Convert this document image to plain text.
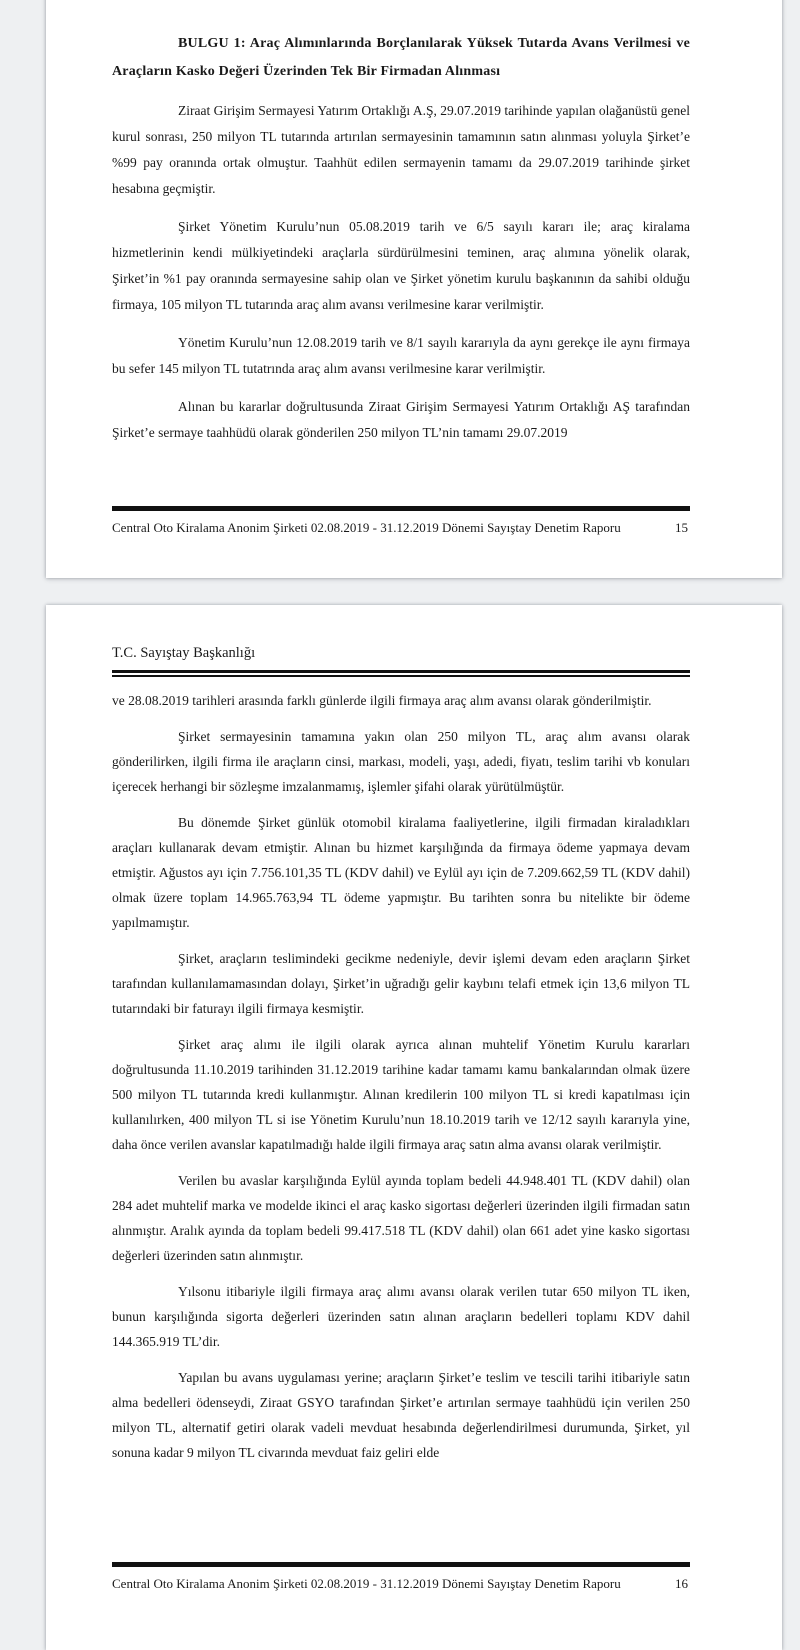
BULGU 1: Araç Alımınlarında Borçlanılarak Yüksek Tutarda Avans Verilmesi ve Araçların Kasko Değeri Üzerinden Tek Bir Firmadan Alınması

Ziraat Girişim Sermayesi Yatırım Ortaklığı A.Ş, 29.07.2019 tarihinde yapılan olağanüstü genel kurul sonrası, 250 milyon TL tutarında artırılan sermayesinin tamamının satın alınması yoluyla Şirket’e %99 pay oranında ortak olmuştur. Taahhüt edilen sermayenin tamamı da 29.07.2019 tarihinde şirket hesabına geçmiştir.

Şirket Yönetim Kurulu’nun 05.08.2019 tarih ve 6/5 sayılı kararı ile; araç kiralama hizmetlerinin kendi mülkiyetindeki araçlarla sürdürülmesini teminen, araç alımına yönelik olarak, Şirket’in %1 pay oranında sermayesine sahip olan ve Şirket yönetim kurulu başkanının da sahibi olduğu firmaya, 105 milyon TL tutarında araç alım avansı verilmesine karar verilmiştir.

Yönetim Kurulu’nun 12.08.2019 tarih ve 8/1 sayılı kararıyla da aynı gerekçe ile aynı firmaya bu sefer 145 milyon TL tutatrında araç alım avansı verilmesine karar verilmiştir.

Alınan bu kararlar doğrultusunda Ziraat Girişim Sermayesi Yatırım Ortaklığı AŞ tarafından Şirket’e sermaye taahhüdü olarak gönderilen 250 milyon TL’nin tamamı 29.07.2019

Central Oto Kiralama Anonim Şirketi 02.08.2019 - 31.12.2019 Dönemi Sayıştay Denetim Raporu	15
T.C. Sayıştay Başkanlığı

ve 28.08.2019 tarihleri arasında farklı günlerde ilgili firmaya araç alım avansı olarak gönderilmiştir.

Şirket sermayesinin tamamına yakın olan 250 milyon TL, araç alım avansı olarak gönderilirken, ilgili firma ile araçların cinsi, markası, modeli, yaşı, adedi, fiyatı, teslim tarihi vb konuları içerecek herhangi bir sözleşme imzalanmamış, işlemler şifahi olarak yürütülmüştür.

Bu dönemde Şirket günlük otomobil kiralama faaliyetlerine, ilgili firmadan kiraladıkları araçları kullanarak devam etmiştir. Alınan bu hizmet karşılığında da firmaya ödeme yapmaya devam etmiştir. Ağustos ayı için 7.756.101,35 TL (KDV dahil) ve Eylül ayı için de 7.209.662,59 TL (KDV dahil) olmak üzere toplam 14.965.763,94 TL ödeme yapmıştır. Bu tarihten sonra bu nitelikte bir ödeme yapılmamıştır.

Şirket, araçların teslimindeki gecikme nedeniyle, devir işlemi devam eden araçların Şirket tarafından kullanılamamasından dolayı, Şirket’in uğradığı gelir kaybını telafi etmek için 13,6 milyon TL tutarındaki bir faturayı ilgili firmaya kesmiştir.

Şirket araç alımı ile ilgili olarak ayrıca alınan muhtelif Yönetim Kurulu kararları doğrultusunda 11.10.2019 tarihinden 31.12.2019 tarihine kadar tamamı kamu bankalarından olmak üzere 500 milyon TL tutarında kredi kullanmıştır. Alınan kredilerin 100 milyon TL si kredi kapatılması için kullanılırken, 400 milyon TL si ise Yönetim Kurulu’nun 18.10.2019 tarih ve 12/12 sayılı kararıyla yine, daha önce verilen avanslar kapatılmadığı halde ilgili firmaya araç satın alma avansı olarak verilmiştir.

Verilen bu avaslar karşılığında Eylül ayında toplam bedeli 44.948.401 TL (KDV dahil) olan 284 adet muhtelif marka ve modelde ikinci el araç kasko sigortası değerleri üzerinden ilgili firmadan satın alınmıştır. Aralık ayında da toplam bedeli 99.417.518 TL (KDV dahil) olan 661 adet yine kasko sigortası değerleri üzerinden satın alınmıştır.

Yılsonu itibariyle ilgili firmaya araç alımı avansı olarak verilen tutar 650 milyon TL iken, bunun karşılığında sigorta değerleri üzerinden satın alınan araçların bedelleri toplamı KDV dahil 144.365.919 TL’dir.

Yapılan bu avans uygulaması yerine; araçların Şirket’e teslim ve tescili tarihi itibariyle satın alma bedelleri ödenseydi, Ziraat GSYO tarafından Şirket’e artırılan sermaye taahhüdü için verilen 250 milyon TL, alternatif getiri olarak vadeli mevduat hesabında değerlendirilmesi durumunda, Şirket, yıl sonuna kadar 9 milyon TL civarında mevduat faiz geliri elde

Central Oto Kiralama Anonim Şirketi 02.08.2019 - 31.12.2019 Dönemi Sayıştay Denetim Raporu	16
